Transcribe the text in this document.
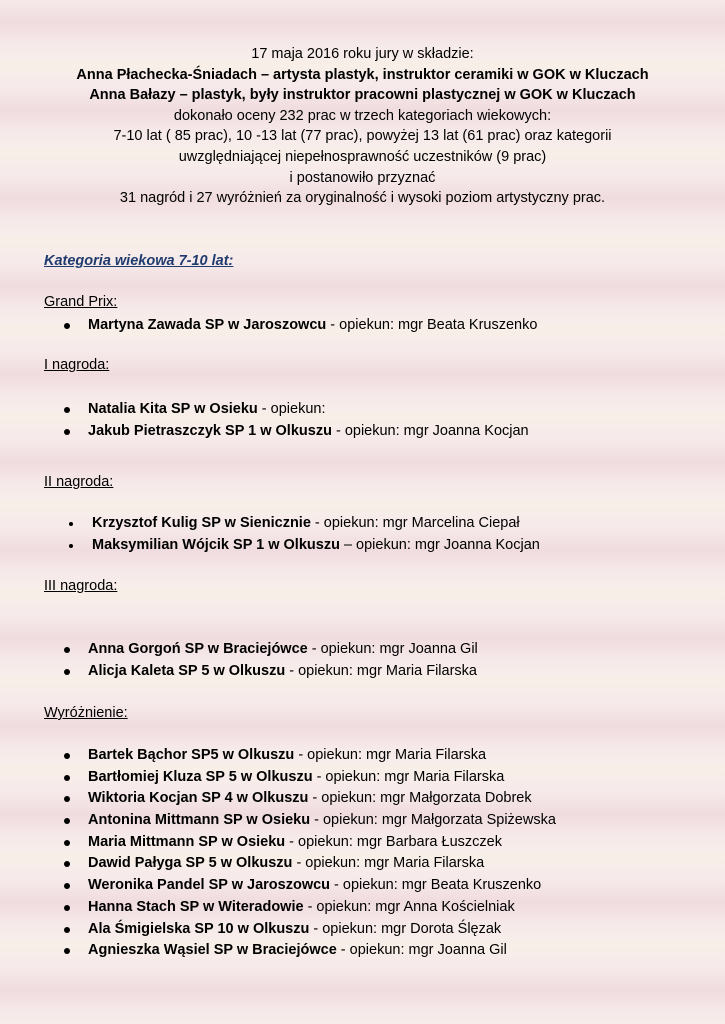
17 maja 2016 roku jury w składzie:
Anna Płachecka-Śniadach – artysta plastyk, instruktor ceramiki w GOK w Kluczach
Anna Bałazy – plastyk, były instruktor pracowni plastycznej w GOK w Kluczach
dokonało oceny 232 prac w trzech kategoriach wiekowych:
7-10 lat ( 85 prac), 10 -13 lat (77 prac), powyżej 13 lat (61 prac) oraz kategorii
uwzględniającej niepełnosprawność uczestników (9 prac)
i postanowiło przyznać
31 nagród i 27 wyróżnień za oryginalność i wysoki poziom artystyczny prac.
Kategoria wiekowa 7-10 lat:
Grand Prix:
Martyna Zawada SP w Jaroszowcu - opiekun: mgr Beata Kruszenko
I nagroda:
Natalia Kita SP w Osieku - opiekun:
Jakub Pietraszczyk SP 1 w Olkuszu - opiekun: mgr Joanna Kocjan
II nagroda:
Krzysztof Kulig SP w Sienicznie - opiekun: mgr Marcelina Ciepał
Maksymilian Wójcik SP 1 w Olkuszu – opiekun: mgr Joanna Kocjan
III nagroda:
Anna Gorgoń SP w Braciejówce - opiekun: mgr Joanna Gil
Alicja Kaleta SP 5 w Olkuszu - opiekun: mgr Maria Filarska
Wyróżnienie:
Bartek Bąchor SP5 w Olkuszu - opiekun: mgr Maria Filarska
Bartłomiej Kluza SP 5 w Olkuszu - opiekun: mgr Maria Filarska
Wiktoria Kocjan SP 4 w Olkuszu - opiekun: mgr Małgorzata Dobrek
Antonina Mittmann SP w Osieku - opiekun: mgr Małgorzata Spiżewska
Maria Mittmann SP w Osieku - opiekun: mgr Barbara Łuszczek
Dawid Pałyga SP 5 w Olkuszu - opiekun: mgr Maria Filarska
Weronika Pandel SP w Jaroszowcu - opiekun: mgr Beata Kruszenko
Hanna Stach SP w Witeradowie - opiekun: mgr Anna Kościelniak
Ala Śmigielska SP 10 w Olkuszu - opiekun: mgr Dorota Ślęzak
Agnieszka Wąsiel SP w Braciejówce - opiekun: mgr Joanna Gil
